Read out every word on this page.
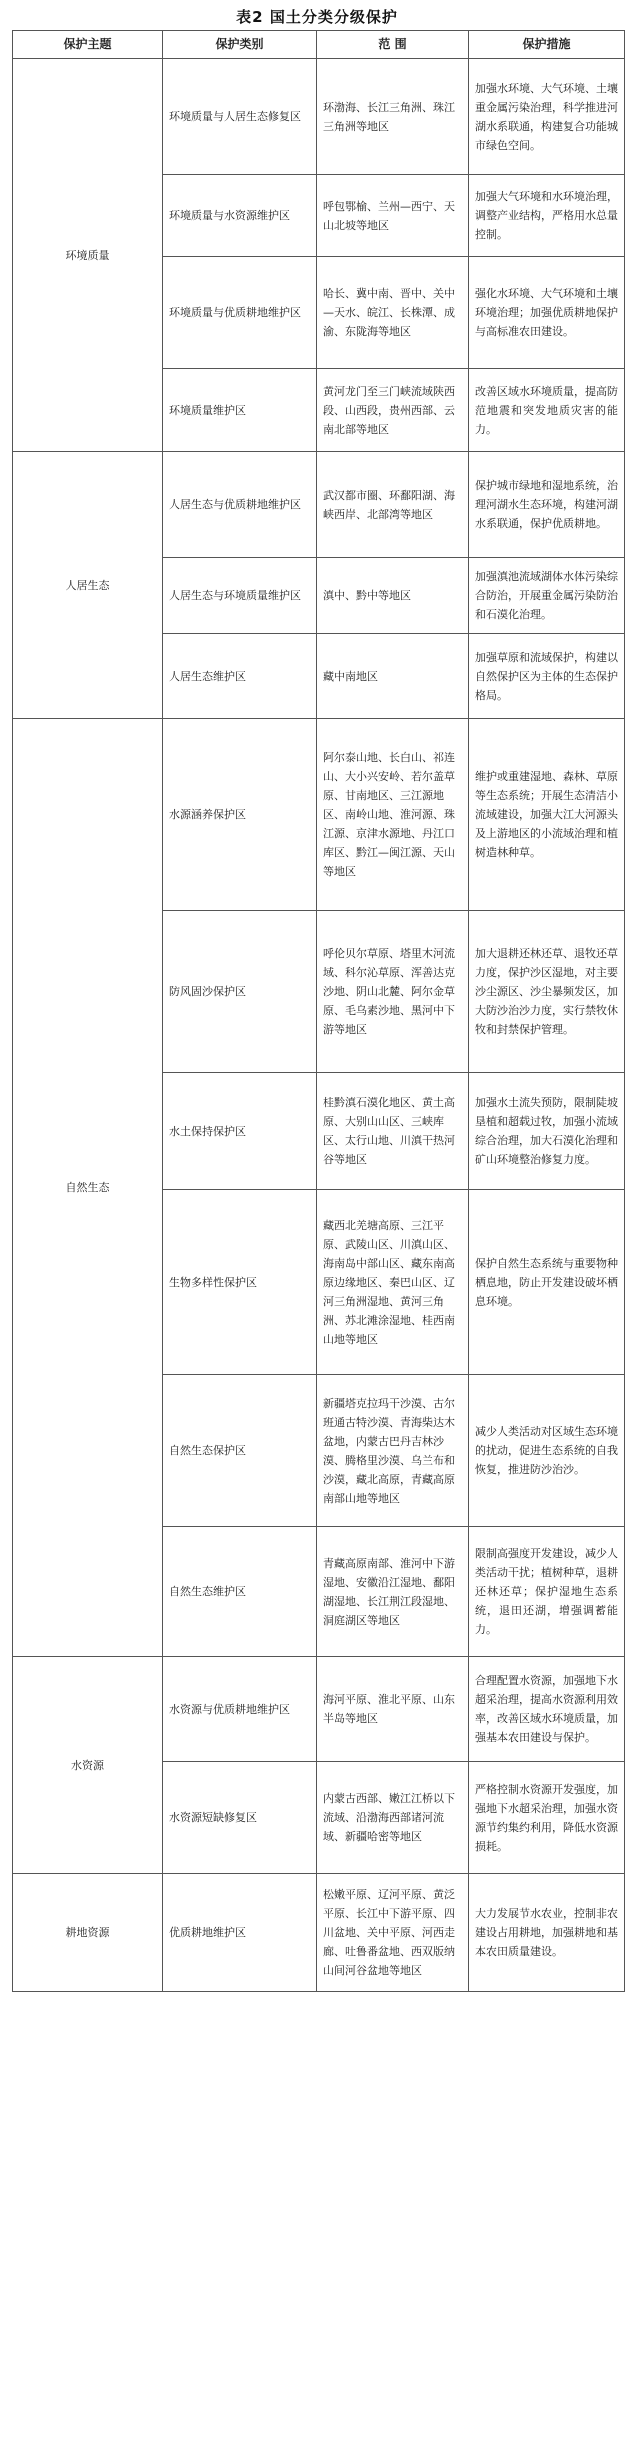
表2 国土分类分级保护
保护主题	保护类别	范 围	保护措施
环境质量	环境质量与人居生态修复区	环渤海、长江三角洲、珠江三角洲等地区	加强水环境、大气环境、土壤重金属污染治理，科学推进河湖水系联通，构建复合功能城市绿色空间。
	环境质量与水资源维护区	呼包鄂榆、兰州—西宁、天山北坡等地区	加强大气环境和水环境治理，调整产业结构，严格用水总量控制。
	环境质量与优质耕地维护区	哈长、冀中南、晋中、关中—天水、皖江、长株潭、成渝、东陇海等地区	强化水环境、大气环境和土壤环境治理；加强优质耕地保护与高标准农田建设。
	环境质量维护区	黄河龙门至三门峡流域陕西段、山西段，贵州西部、云南北部等地区	改善区域水环境质量，提高防范地震和突发地质灾害的能力。
人居生态	人居生态与优质耕地维护区	武汉都市圈、环鄱阳湖、海峡西岸、北部湾等地区	保护城市绿地和湿地系统，治理河湖水生态环境，构建河湖水系联通，保护优质耕地。
	人居生态与环境质量维护区	滇中、黔中等地区	加强滇池流域湖体水体污染综合防治，开展重金属污染防治和石漠化治理。
	人居生态维护区	藏中南地区	加强草原和流域保护，构建以自然保护区为主体的生态保护格局。
自然生态	水源涵养保护区	阿尔泰山地、长白山、祁连山、大小兴安岭、若尔盖草原、甘南地区、三江源地区、南岭山地、淮河源、珠江源、京津水源地、丹江口库区、黔江—闽江源、天山等地区	维护或重建湿地、森林、草原等生态系统；开展生态清洁小流域建设，加强大江大河源头及上游地区的小流域治理和植树造林种草。
	防风固沙保护区	呼伦贝尔草原、塔里木河流域、科尔沁草原、浑善达克沙地、阴山北麓、阿尔金草原、毛乌素沙地、黑河中下游等地区	加大退耕还林还草、退牧还草力度，保护沙区湿地，对主要沙尘源区、沙尘暴频发区，加大防沙治沙力度，实行禁牧休牧和封禁保护管理。
	水土保持保护区	桂黔滇石漠化地区、黄土高原、大别山山区、三峡库区、太行山地、川滇干热河谷等地区	加强水土流失预防，限制陡坡垦植和超载过牧，加强小流域综合治理，加大石漠化治理和矿山环境整治修复力度。
	生物多样性保护区	藏西北羌塘高原、三江平原、武陵山区、川滇山区、海南岛中部山区、藏东南高原边缘地区、秦巴山区、辽河三角洲湿地、黄河三角洲、苏北滩涂湿地、桂西南山地等地区	保护自然生态系统与重要物种栖息地，防止开发建设破坏栖息环境。
	自然生态保护区	新疆塔克拉玛干沙漠、古尔班通古特沙漠、青海柴达木盆地，内蒙古巴丹吉林沙漠、腾格里沙漠、乌兰布和沙漠，藏北高原，青藏高原南部山地等地区	减少人类活动对区域生态环境的扰动，促进生态系统的自我恢复，推进防沙治沙。
	自然生态维护区	青藏高原南部、淮河中下游湿地、安徽沿江湿地、鄱阳湖湿地、长江荆江段湿地、洞庭湖区等地区	限制高强度开发建设，减少人类活动干扰；植树种草，退耕还林还草；保护湿地生态系统，退田还湖，增强调蓄能力。
水资源	水资源与优质耕地维护区	海河平原、淮北平原、山东半岛等地区	合理配置水资源，加强地下水超采治理，提高水资源利用效率，改善区域水环境质量，加强基本农田建设与保护。
	水资源短缺修复区	内蒙古西部、嫩江江桥以下流域、沿渤海西部诸河流域、新疆哈密等地区	严格控制水资源开发强度，加强地下水超采治理，加强水资源节约集约利用，降低水资源损耗。
耕地资源	优质耕地维护区	松嫩平原、辽河平原、黄泛平原、长江中下游平原、四川盆地、关中平原、河西走廊、吐鲁番盆地、西双版纳山间河谷盆地等地区	大力发展节水农业，控制非农建设占用耕地，加强耕地和基本农田质量建设。
